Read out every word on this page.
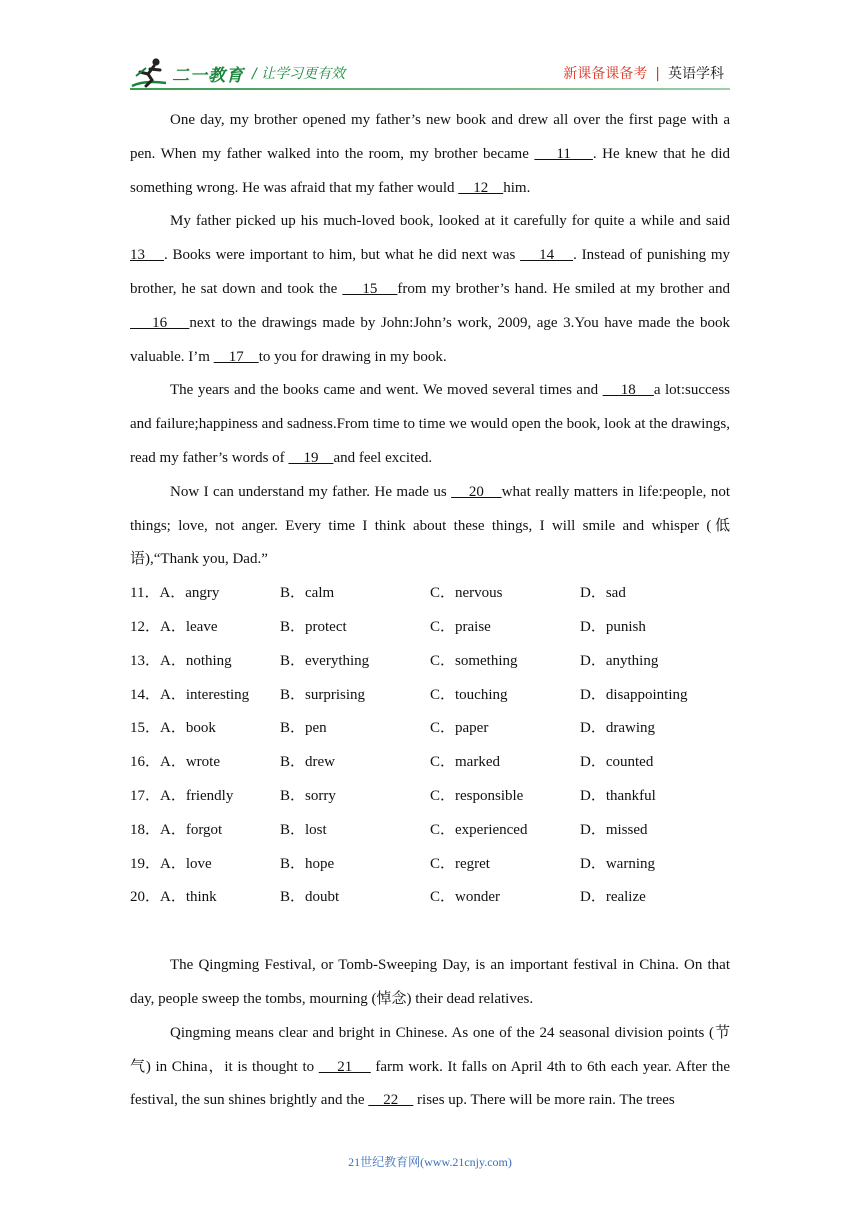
二一教育 / 让学习更有效	新课备课备考 | 英语学科

One day, my brother opened my father’s new book and drew all over the first page with a pen. When my father walked into the room, my brother became     11    . He knew that he did something wrong. He was afraid that my father would     12    him.

My father picked up his much-loved book, looked at it carefully for quite a while and said 13    . Books were important to him, but what he did next was     14    . Instead of punishing my brother, he sat down and took the     15    from my brother’s hand. He smiled at my brother and     16    next to the drawings made by John:John’s work, 2009, age 3.You have made the book valuable. I’m     17    to you for drawing in my book.

The years and the books came and went. We moved several times and     18    a lot:success and failure;happiness and sadness.From time to time we would open the book, look at the drawings, read my father’s words of     19    and feel excited.

Now I can understand my father. He made us     20    what really matters in life:people, not things; love, not anger. Every time I think about these things, I will smile and whisper (低语),“Thank you, Dad.”

11．A．angry	B．calm	C．nervous	D．sad
12．A．leave	B．protect	C．praise	D．punish
13．A．nothing	B．everything	C．something	D．anything
14．A．interesting	B．surprising	C．touching	D．disappointing
15．A．book	B．pen	C．paper	D．drawing
16．A．wrote	B．drew	C．marked	D．counted
17．A．friendly	B．sorry	C．responsible	D．thankful
18．A．forgot	B．lost	C．experienced	D．missed
19．A．love	B．hope	C．regret	D．warning
20．A．think	B．doubt	C．wonder	D．realize

The Qingming Festival, or Tomb-Sweeping Day, is an important festival in China. On that day, people sweep the tombs, mourning (悼念) their dead relatives.

Qingming means clear and bright in Chinese. As one of the 24 seasonal division points (节气) in China，it is thought to     21     farm work. It falls on April 4th to 6th each year. After the festival, the sun shines brightly and the     22     rises up. There will be more rain. The trees

21世纪教育网(www.21cnjy.com)
